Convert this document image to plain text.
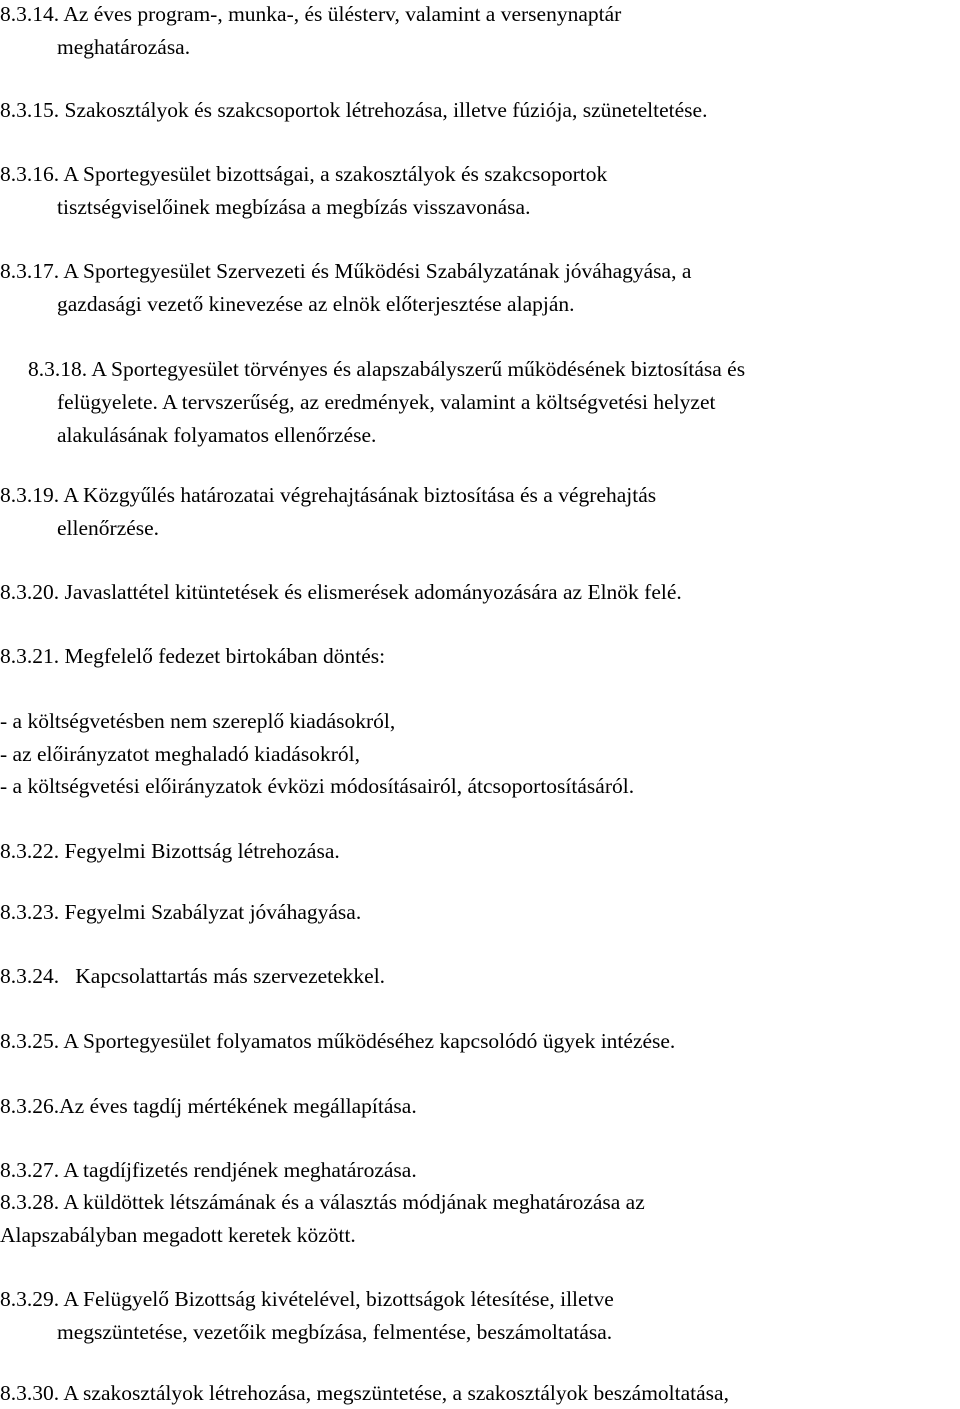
8.3.14. Az éves program-, munka-, és ülésterv, valamint a versenynaptár
meghatározása.
8.3.15. Szakosztályok és szakcsoportok létrehozása, illetve fúziója, szüneteltetése.
8.3.16. A Sportegyesület bizottságai, a szakosztályok és szakcsoportok
tisztségviselőinek megbízása a megbízás visszavonása.
8.3.17. A Sportegyesület Szervezeti és Működési Szabályzatának jóváhagyása, a
gazdasági vezető kinevezése az elnök előterjesztése alapján.
8.3.18. A Sportegyesület törvényes és alapszabályszerű működésének biztosítása és
felügyelete. A tervszerűség, az eredmények, valamint a költségvetési helyzet
alakulásának folyamatos ellenőrzése.
8.3.19. A Közgyűlés határozatai végrehajtásának biztosítása és a végrehajtás
ellenőrzése.
8.3.20. Javaslattétel kitüntetések és elismerések adományozására az Elnök felé.
8.3.21. Megfelelő fedezet birtokában döntés:
- a költségvetésben nem szereplő kiadásokról,
- az előirányzatot meghaladó kiadásokról,
- a költségvetési előirányzatok évközi módosításairól, átcsoportosításáról.
8.3.22. Fegyelmi Bizottság létrehozása.
8.3.23. Fegyelmi Szabályzat jóváhagyása.
8.3.24.   Kapcsolattartás más szervezetekkel.
8.3.25. A Sportegyesület folyamatos működéséhez kapcsolódó ügyek intézése.
8.3.26.Az éves tagdíj mértékének megállapítása.
8.3.27. A tagdíjfizetés rendjének meghatározása.
8.3.28. A küldöttek létszámának és a választás módjának meghatározása az
Alapszabályban megadott keretek között.
8.3.29. A Felügyelő Bizottság kivételével, bizottságok létesítése, illetve
megszüntetése, vezetőik megbízása, felmentése, beszámoltatása.
8.3.30. A szakosztályok létrehozása, megszüntetése, a szakosztályok beszámoltatása,
